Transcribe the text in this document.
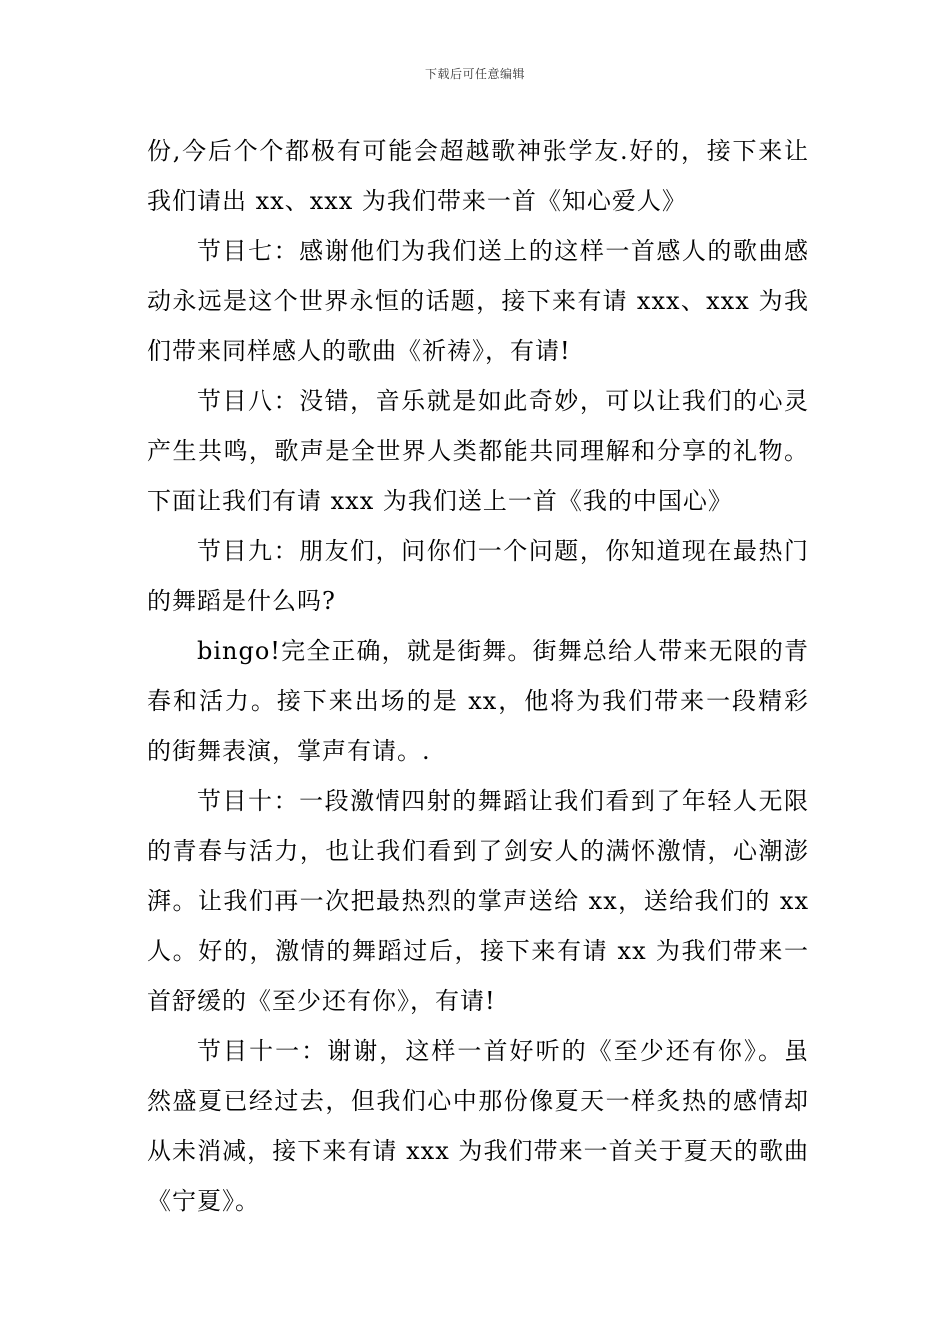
下载后可任意编辑

份,今后个个都极有可能会超越歌神张学友.好的，接下来让我们请出 xx、xxx 为我们带来一首《知心爱人》

节目七：感谢他们为我们送上的这样一首感人的歌曲感动永远是这个世界永恒的话题，接下来有请 xxx、xxx 为我们带来同样感人的歌曲《祈祷》，有请!

节目八：没错，音乐就是如此奇妙，可以让我们的心灵产生共鸣，歌声是全世界人类都能共同理解和分享的礼物。下面让我们有请 xxx 为我们送上一首《我的中国心》

节目九：朋友们，问你们一个问题，你知道现在最热门的舞蹈是什么吗?

bingo!完全正确，就是街舞。街舞总给人带来无限的青春和活力。接下来出场的是 xx，他将为我们带来一段精彩的街舞表演，掌声有请。.

节目十：一段激情四射的舞蹈让我们看到了年轻人无限的青春与活力，也让我们看到了剑安人的满怀激情，心潮澎湃。让我们再一次把最热烈的掌声送给 xx，送给我们的 xx 人。好的，激情的舞蹈过后，接下来有请 xx 为我们带来一首舒缓的《至少还有你》，有请!

节目十一：谢谢，这样一首好听的《至少还有你》。虽然盛夏已经过去，但我们心中那份像夏天一样炙热的感情却从未消减，接下来有请 xxx 为我们带来一首关于夏天的歌曲《宁夏》。
